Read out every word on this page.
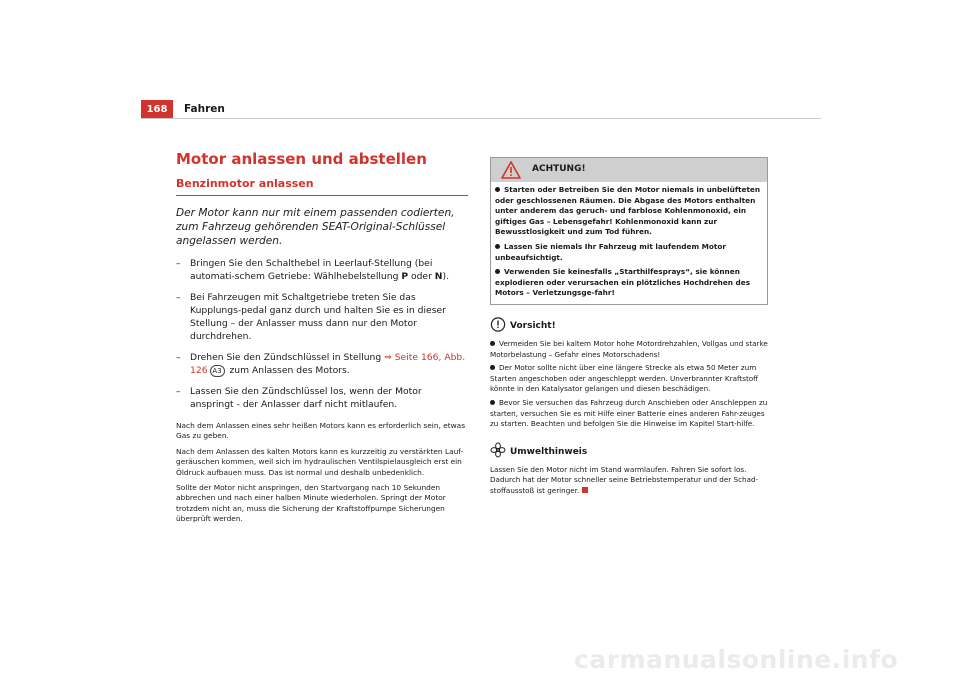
168	Fahren
Motor anlassen und abstellen
Benzinmotor anlassen

Der Motor kann nur mit einem passenden codierten, zum Fahrzeug gehörenden SEAT-Original-Schlüssel angelassen werden.

– Bringen Sie den Schalthebel in Leerlauf-Stellung (bei automati-schem Getriebe: Wählhebelstellung P oder N).
– Bei Fahrzeugen mit Schaltgetriebe treten Sie das Kupplungs-pedal ganz durch und halten Sie es in dieser Stellung – der Anlasser muss dann nur den Motor durchdrehen.
– Drehen Sie den Zündschlüssel in Stellung ⇒ Seite 166, Abb. 126 A3 zum Anlassen des Motors.
– Lassen Sie den Zündschlüssel los, wenn der Motor anspringt - der Anlasser darf nicht mitlaufen.

Nach dem Anlassen eines sehr heißen Motors kann es erforderlich sein, etwas Gas zu geben.

Nach dem Anlassen des kalten Motors kann es kurzzeitig zu verstärkten Lauf-geräuschen kommen, weil sich im hydraulischen Ventilspielausgleich erst ein Öldruck aufbauen muss. Das ist normal und deshalb unbedenklich.

Sollte der Motor nicht anspringen, den Startvorgang nach 10 Sekunden abbrechen und nach einer halben Minute wiederholen. Springt der Motor trotzdem nicht an, muss die Sicherung der Kraftstoffpumpe Sicherungen überprüft werden.

ACHTUNG!

Starten oder Betreiben Sie den Motor niemals in unbelüfteten oder geschlossenen Räumen. Die Abgase des Motors enthalten unter anderem das geruch- und farblose Kohlenmonoxid, ein giftiges Gas – Lebensgefahr! Kohlenmonoxid kann zur Bewusstlosigkeit und zum Tod führen.

Lassen Sie niemals Ihr Fahrzeug mit laufendem Motor unbeaufsichtigt.

Verwenden Sie keinesfalls „Starthilfesprays“, sie können explodieren oder verursachen ein plötzliches Hochdrehen des Motors – Verletzungsge-fahr!

Vorsicht!

Vermeiden Sie bei kaltem Motor hohe Motordrehzahlen, Vollgas und starke Motorbelastung – Gefahr eines Motorschadens!

Der Motor sollte nicht über eine längere Strecke als etwa 50 Meter zum Starten angeschoben oder angeschleppt werden. Unverbrannter Kraftstoff könnte in den Katalysator gelangen und diesen beschädigen.

Bevor Sie versuchen das Fahrzeug durch Anschieben oder Anschleppen zu starten, versuchen Sie es mit Hilfe einer Batterie eines anderen Fahr-zeuges zu starten. Beachten und befolgen Sie die Hinweise im Kapitel Start-hilfe.

Umwelthinweis

Lassen Sie den Motor nicht im Stand warmlaufen. Fahren Sie sofort los. Dadurch hat der Motor schneller seine Betriebstemperatur und der Schad-stoffausstoß ist geringer.

carmanualsonline.info
